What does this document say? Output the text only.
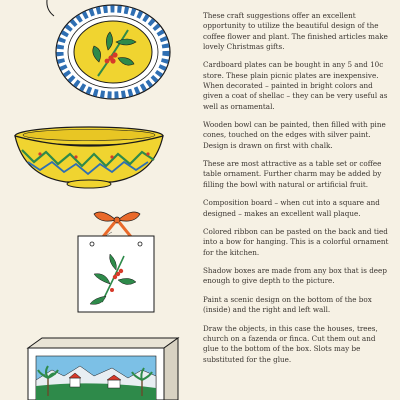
These craft suggestions offer an excellent opportunity to utilize the beautiful design of the coffee flower and plant. The finished articles make lovely Christmas gifts.

Cardboard plates can be bought in any 5 and 10c store. These plain picnic plates are inexpensive. When decorated – painted in bright colors and given a coat of shellac – they can be very useful as well as ornamental.

Wooden bowl can be painted, then filled with pine cones, touched on the edges with silver paint. Design is drawn on first with chalk.

These are most attractive as a table set or coffee table ornament. Further charm may be added by filling the bowl with natural or artificial fruit.

Composition board – when cut into a square and designed – makes an excellent wall plaque.

Colored ribbon can be pasted on the back and tied into a bow for hanging. This is a colorful ornament for the kitchen.

Shadow boxes are made from any box that is deep enough to give depth to the picture.

Paint a scenic design on the bottom of the box (inside) and the right and left wall.

Draw the objects, in this case the houses, trees, church on a fazenda or finca. Cut them out and glue to the bottom of the box. Slots may be substituted for the glue.
